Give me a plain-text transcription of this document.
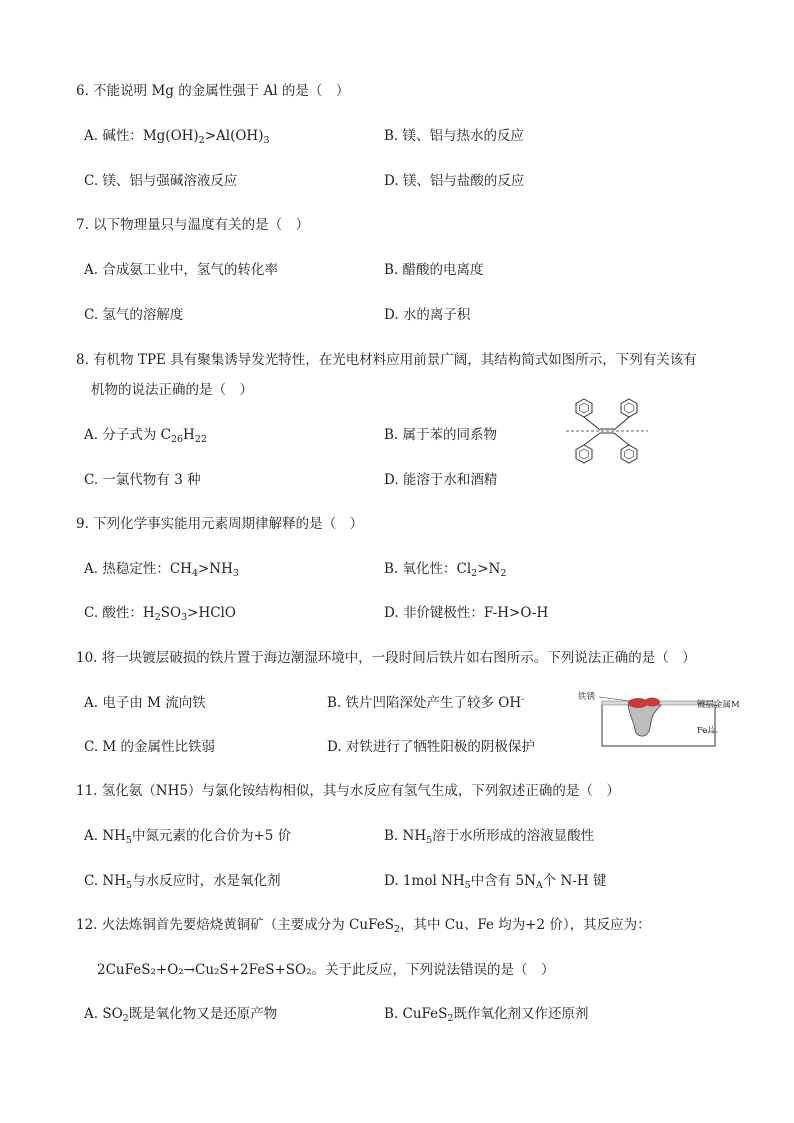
6. 不能说明 Mg 的金属性强于 Al 的是（　）
A. 碱性：$Mg(OH)_2>Al(OH)_3$	B. 镁、铝与热水的反应
C. 镁、铝与强碱溶液反应	D. 镁、铝与盐酸的反应
7. 以下物理量只与温度有关的是（　）
A. 合成氨工业中，氢气的转化率	B. 醋酸的电离度
C. 氢气的溶解度	D. 水的离子积
8. 有机物 TPE 具有聚集诱导发光特性，在光电材料应用前景广阔，其结构简式如图所示，下列有关该有
机物的说法正确的是（　）
A. 分子式为 $C_{26}H_{22}$	B. 属于苯的同系物
C. 一氯代物有 3 种	D. 能溶于水和酒精
9. 下列化学事实能用元素周期律解释的是（　）
A. 热稳定性：$CH_4>NH_3$	B. 氧化性：$Cl_2>N_2$
C. 酸性：$H_2SO_3>HClO$	D. 非价键极性：F-H>O-H
10. 将一块镀层破损的铁片置于海边潮湿环境中，一段时间后铁片如右图所示。下列说法正确的是（　）
A. 电子由 M 流向铁	B. 铁片凹陷深处产生了较多 OH-
C. M 的金属性比铁弱	D. 对铁进行了牺牲阳极的阴极保护
铁锈
镀层金属M
Fe片
11. 氢化氨（NH5）与氯化铵结构相似，其与水反应有氢气生成，下列叙述正确的是（　）
A. $NH_5$中氮元素的化合价为+5 价	B. $NH_5$溶于水所形成的溶液显酸性
C. $NH_5$与水反应时，水是氧化剂	D. 1mol $NH_5$中含有 $5N_A$个 N-H 键
12. 火法炼铜首先要焙烧黄铜矿（主要成分为 CuFeS$_2$，其中 Cu、Fe 均为+2 价），其反应为：
2CuFeS₂+O₂→Cu₂S+2FeS+SO₂。关于此反应，下列说法错误的是（　）
A. $SO_2$既是氧化物又是还原产物	B. CuFeS$_2$既作氧化剂又作还原剂
